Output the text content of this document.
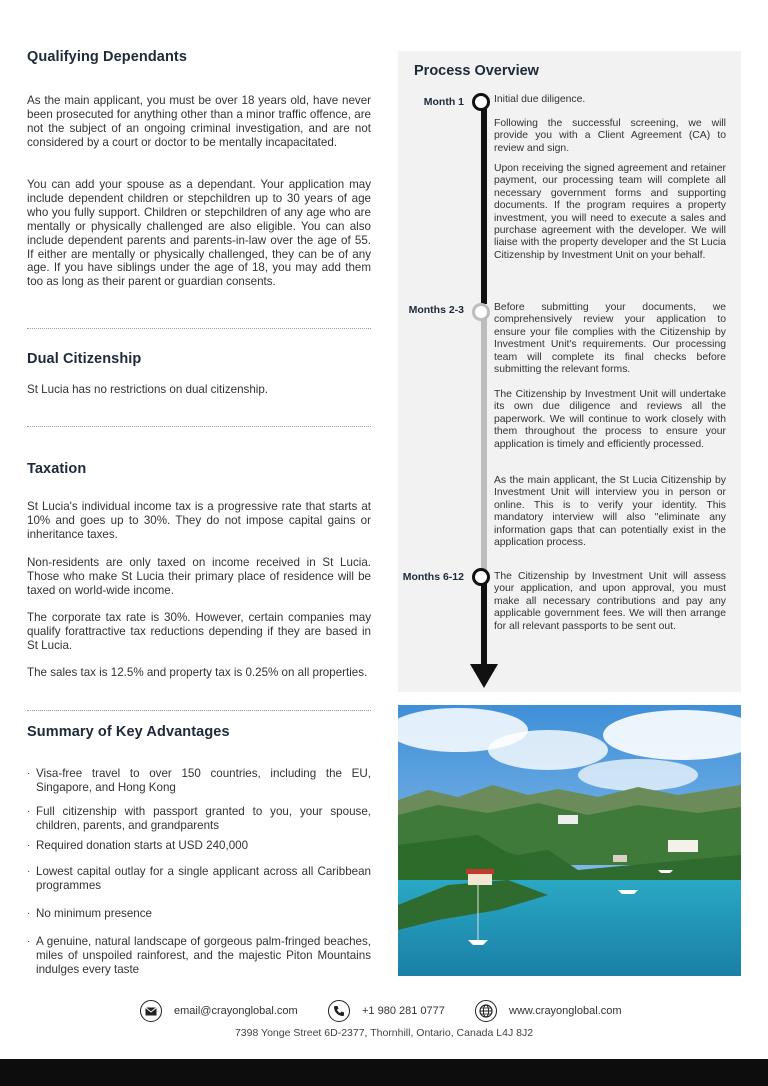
Qualifying Dependants

As the main applicant, you must be over 18 years old, have never been prosecuted for anything other than a minor traffic offence, are not the subject of an ongoing criminal investigation, and are not considered by a court or doctor to be mentally incapacitated.

You can add your spouse as a dependant. Your application may include dependent children or stepchildren up to 30 years of age who you fully support. Children or stepchildren of any age who are mentally or physically challenged are also eligible. You can also include dependent parents and parents-in-law over the age of 55. If either are mentally or physically challenged, they can be of any age. If you have siblings under the age of 18, you may add them too as long as their parent or guardian consents.

Dual Citizenship

St Lucia has no restrictions on dual citizenship.

Taxation

St Lucia's individual income tax is a progressive rate that starts at 10% and goes up to 30%. They do not impose capital gains or inheritance taxes.

Non-residents are only taxed on income received in St Lucia. Those who make St Lucia their primary place of residence will be taxed on world-wide income.

The corporate tax rate is 30%. However, certain companies may qualify forattractive tax reductions depending if they are based in St Lucia.

The sales tax is 12.5% and property tax is 0.25% on all properties.

Summary of Key Advantages
· Visa-free travel to over 150 countries, including the EU, Singapore, and Hong Kong
· Full citizenship with passport granted to you, your spouse, children, parents, and grandparents
· Required donation starts at USD 240,000
· Lowest capital outlay for a single applicant across all Caribbean programmes
· No minimum presence
· A genuine, natural landscape of gorgeous palm-fringed beaches, miles of unspoiled rainforest, and the majestic Piton Mountains indulges every taste
Process Overview
Month 1	Initial due diligence.

Following the successful screening, we will provide you with a Client Agreement (CA) to review and sign.

Upon receiving the signed agreement and retainer payment, our processing team will complete all necessary government forms and supporting documents. If the program requires a property investment, you will need to execute a sales and purchase agreement with the developer. We will liaise with the property developer and the St Lucia Citizenship by Investment Unit on your behalf.

Months 2-3	Before submitting your documents, we comprehensively review your application to ensure your file complies with the Citizenship by Investment Unit's requirements. Our processing team will complete its final checks before submitting the relevant forms.

The Citizenship by Investment Unit will undertake its own due diligence and reviews all the paperwork. We will continue to work closely with them throughout the process to ensure your application is timely and efficiently processed.

As the main applicant, the St Lucia Citizenship by Investment Unit will interview you in person or online. This is to verify your identity. This mandatory interview will also "eliminate any information gaps that can potentially exist in the application process.

Months 6-12	The Citizenship by Investment Unit will assess your application, and upon approval, you must make all necessary contributions and pay any applicable government fees. We will then arrange for all relevant passports to be sent out.

email@crayonglobal.com	+1 980 281 0777	www.crayonglobal.com
7398 Yonge Street 6D-2377, Thornhill, Ontario, Canada L4J 8J2
